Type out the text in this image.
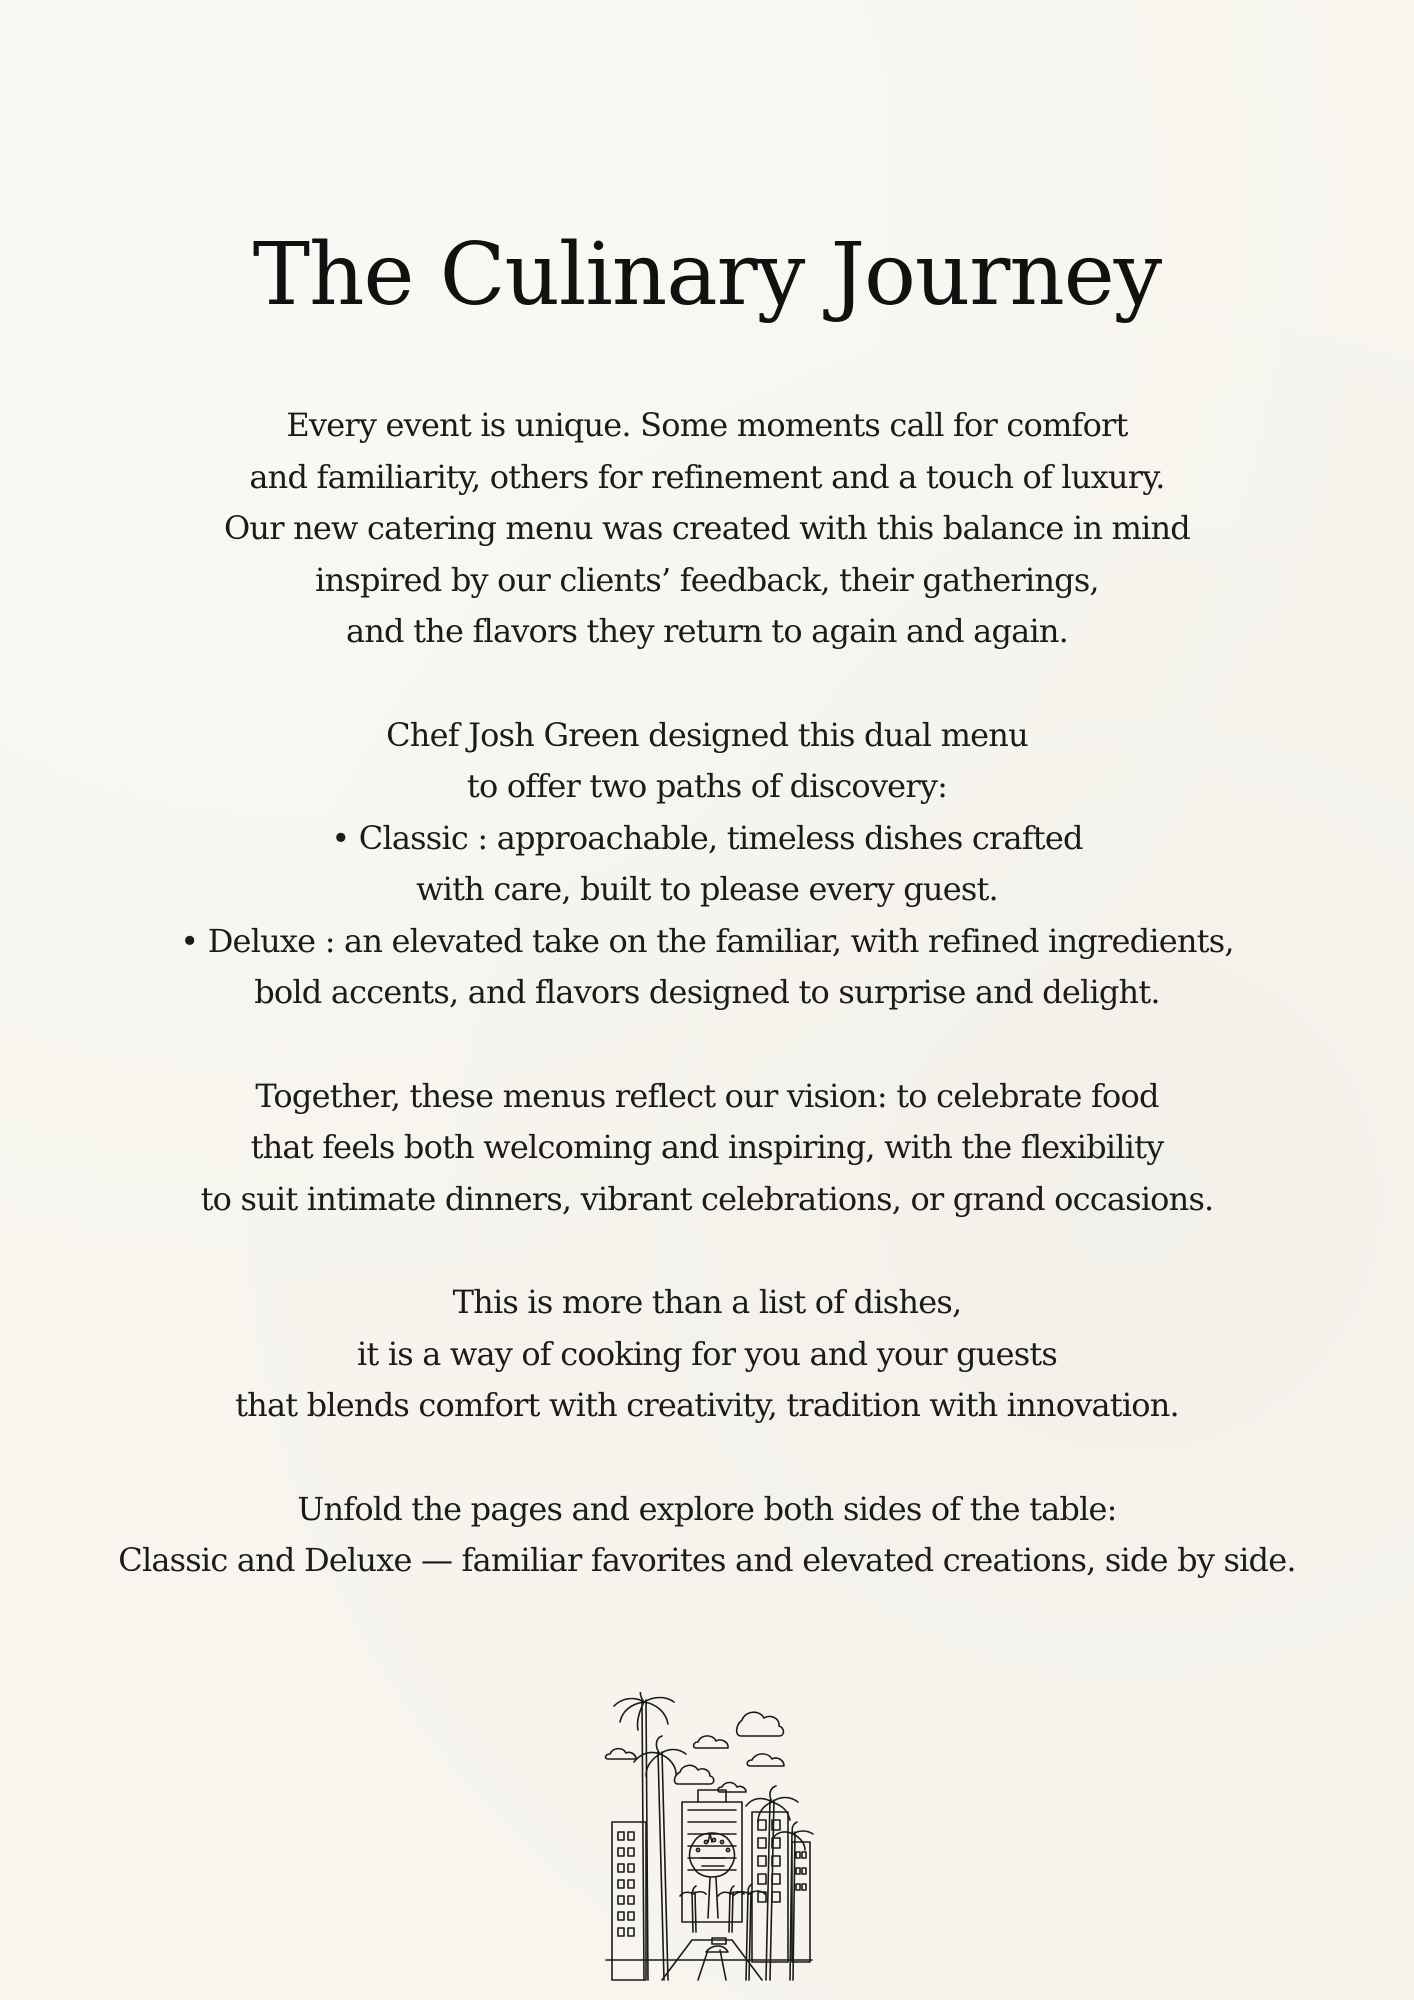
The Culinary Journey

Every event is unique. Some moments call for comfort
and familiarity, others for refinement and a touch of luxury.
Our new catering menu was created with this balance in mind
inspired by our clients’ feedback, their gatherings,
and the flavors they return to again and again.

Chef Josh Green designed this dual menu
to offer two paths of discovery:
• Classic : approachable, timeless dishes crafted
with care, built to please every guest.
• Deluxe : an elevated take on the familiar, with refined ingredients,
bold accents, and flavors designed to surprise and delight.

Together, these menus reflect our vision: to celebrate food
that feels both welcoming and inspiring, with the flexibility
to suit intimate dinners, vibrant celebrations, or grand occasions.

This is more than a list of dishes,
it is a way of cooking for you and your guests
that blends comfort with creativity, tradition with innovation.

Unfold the pages and explore both sides of the table:
Classic and Deluxe — familiar favorites and elevated creations, side by side.
